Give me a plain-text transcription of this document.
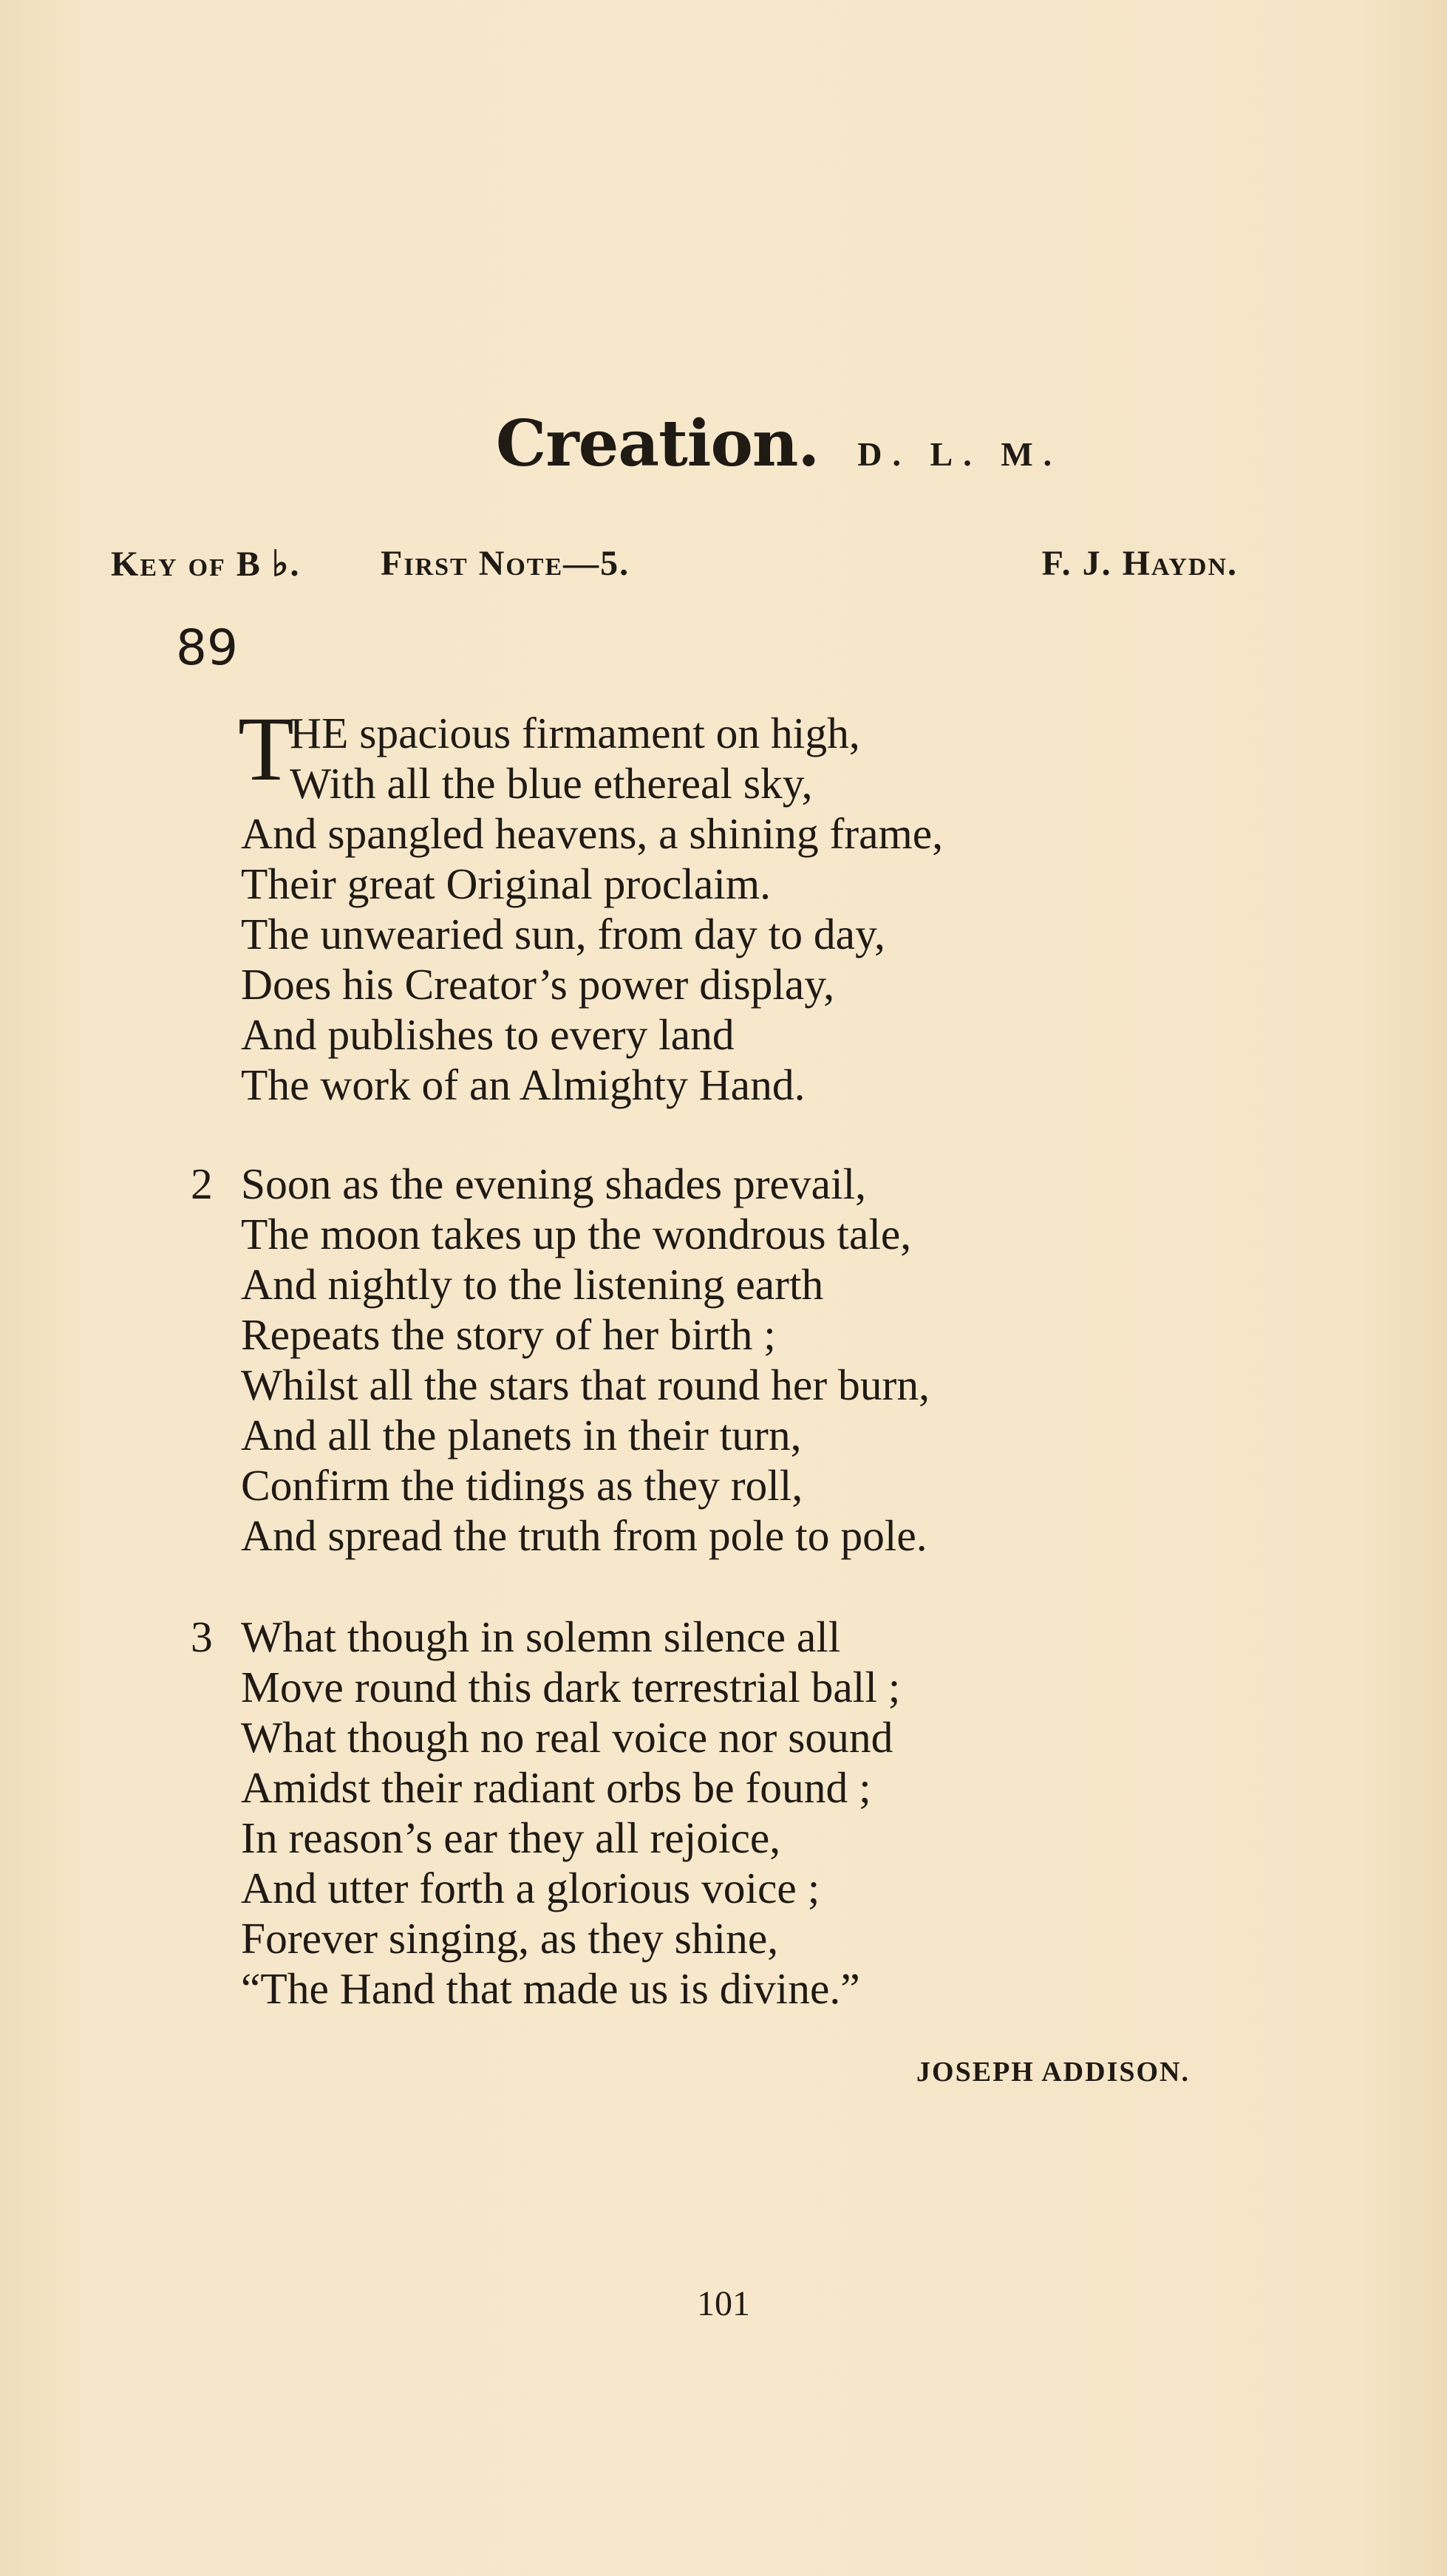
Creation. D. L. M.
Key of B ♭. First Note—5.	F. J. Haydn.
89
T
HE spacious firmament on high,
With all the blue ethereal sky,
And spangled heavens, a shining frame,
Their great Original proclaim.
The unwearied sun, from day to day,
Does his Creator’s power display,
And publishes to every land
The work of an Almighty Hand.
2 Soon as the evening shades prevail,
The moon takes up the wondrous tale,
And nightly to the listening earth
Repeats the story of her birth ;
Whilst all the stars that round her burn,
And all the planets in their turn,
Confirm the tidings as they roll,
And spread the truth from pole to pole.
3 What though in solemn silence all
Move round this dark terrestrial ball ;
What though no real voice nor sound
Amidst their radiant orbs be found ;
In reason’s ear they all rejoice,
And utter forth a glorious voice ;
Forever singing, as they shine,
“The Hand that made us is divine.”
JOSEPH ADDISON.
101
